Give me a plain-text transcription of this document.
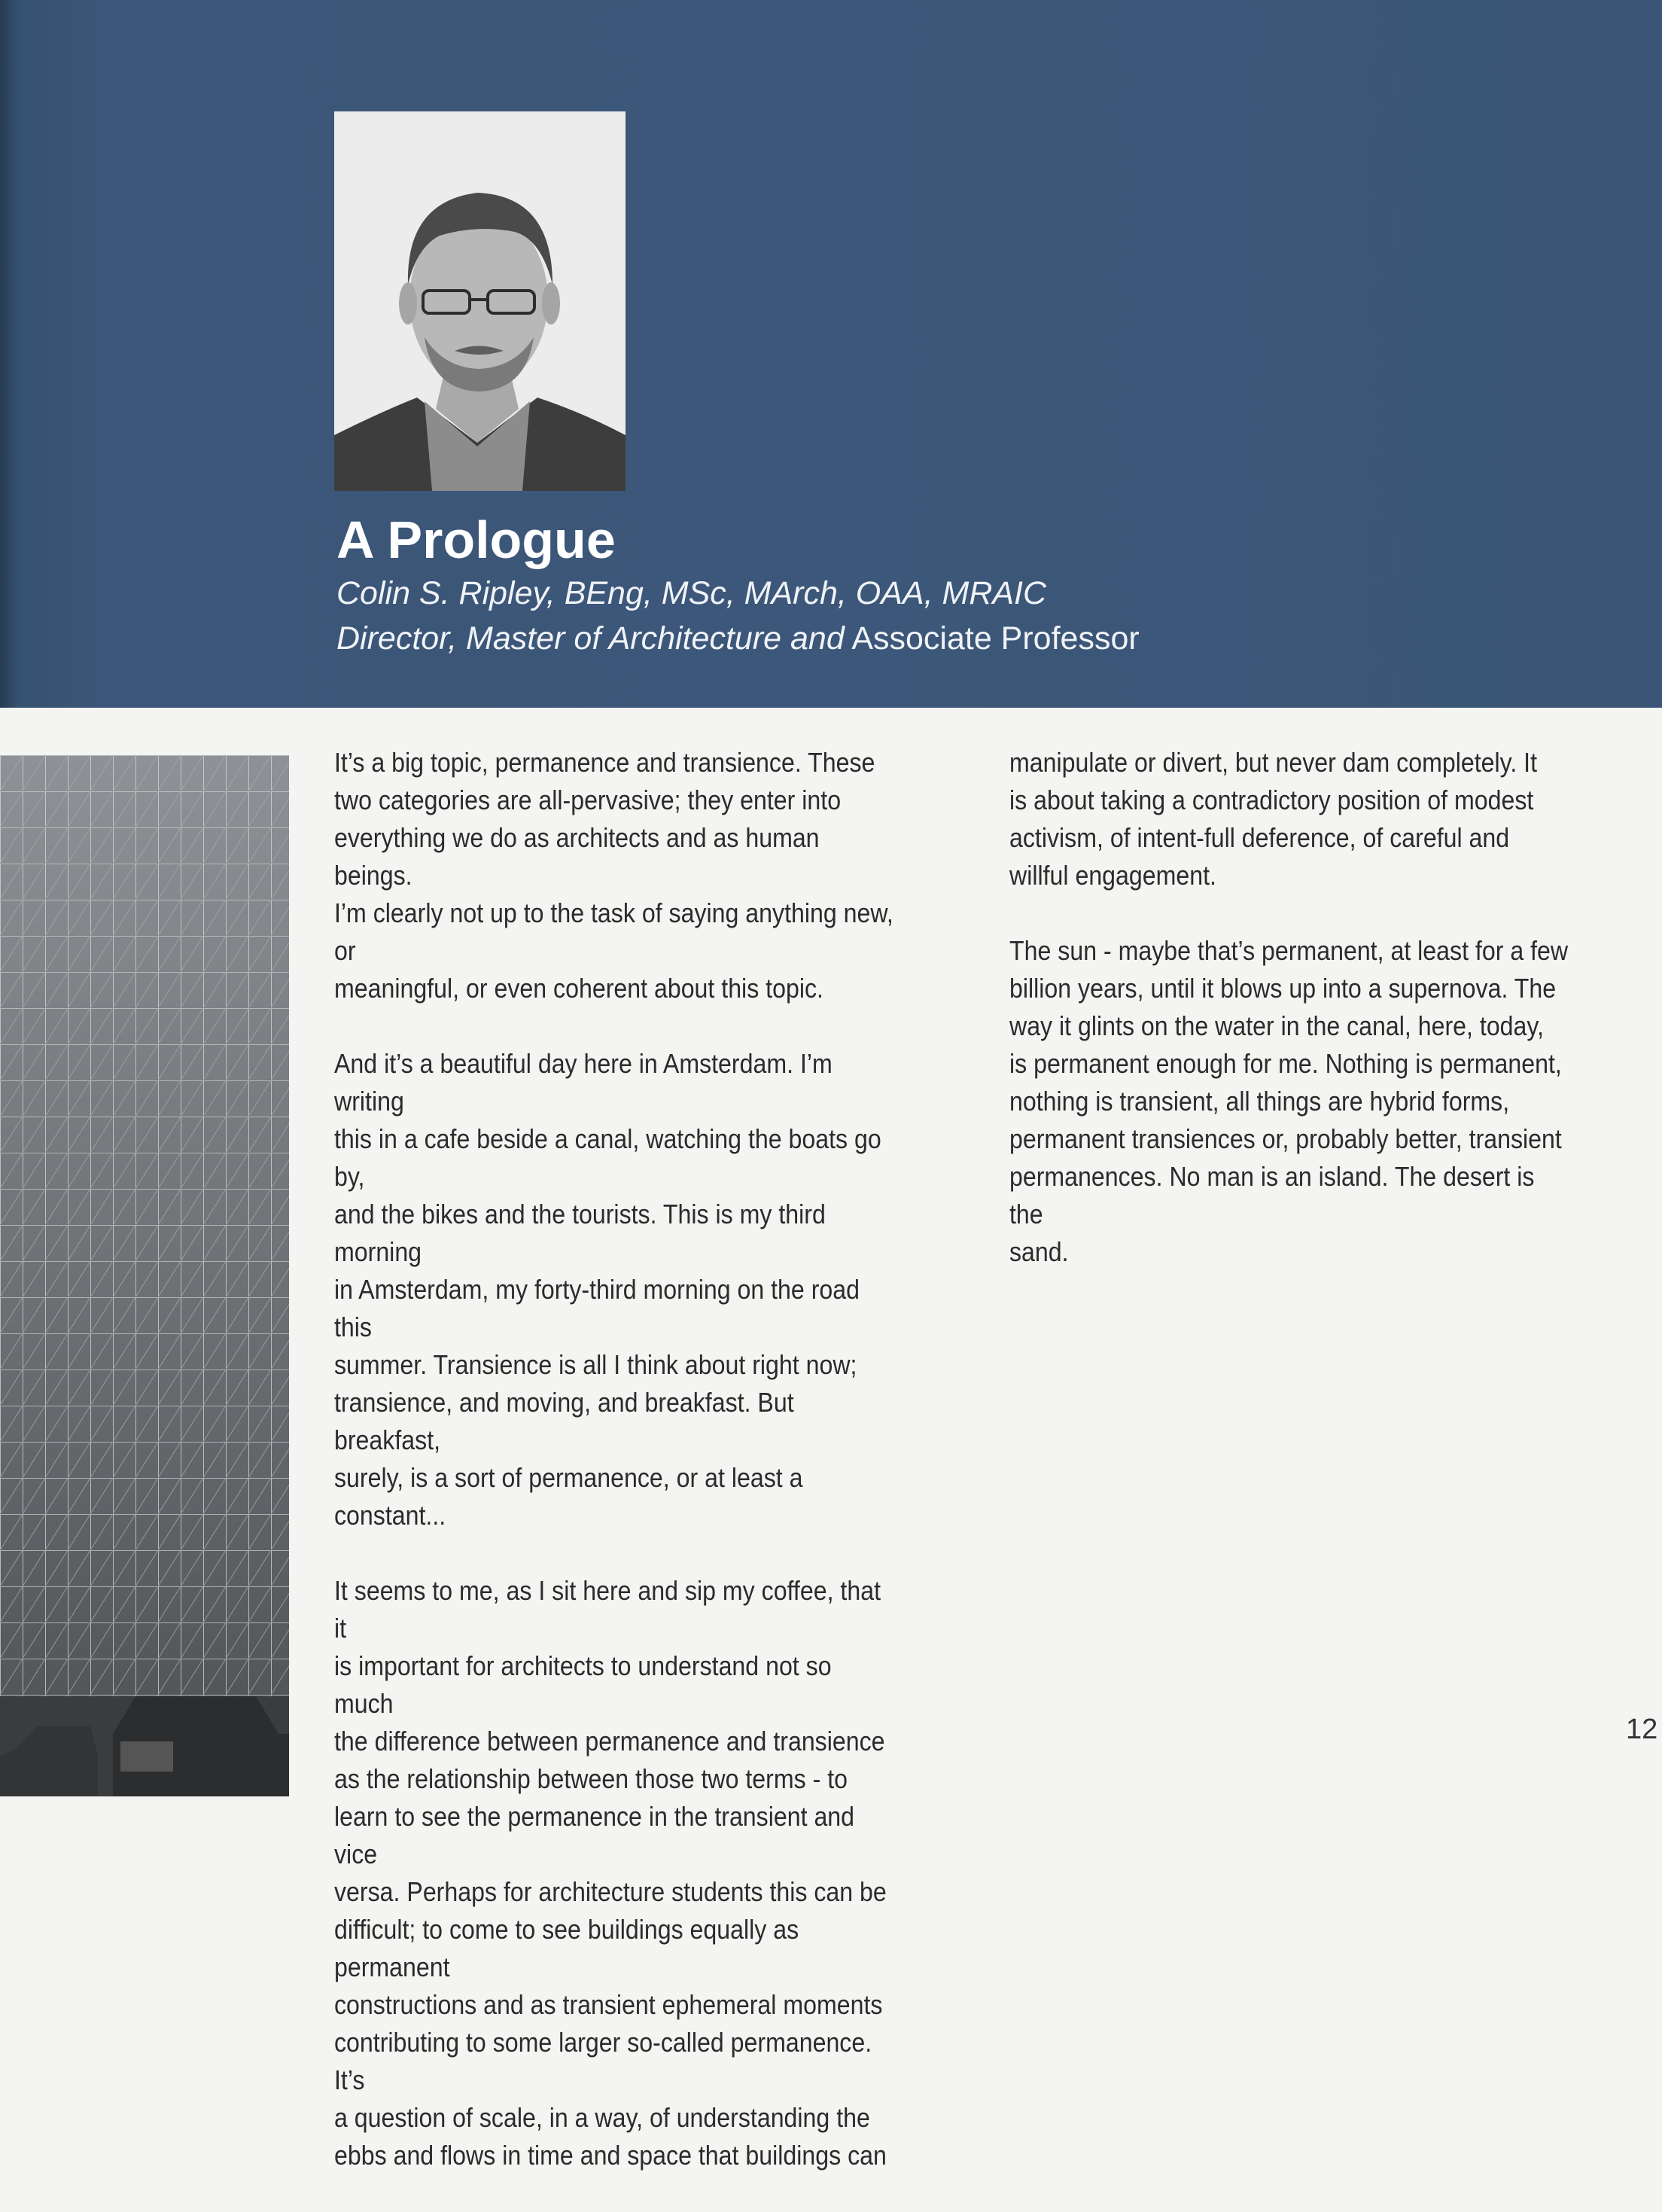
A Prologue
Colin S. Ripley, BEng, MSc, MArch, OAA, MRAIC
Director, Master of Architecture and Associate Professor

It’s a big topic, permanence and transience. These
two categories are all-pervasive; they enter into
everything we do as architects and as human beings.
I’m clearly not up to the task of saying anything new, or
meaningful, or even coherent about this topic.

And it’s a beautiful day here in Amsterdam. I’m writing
this in a cafe beside a canal, watching the boats go by,
and the bikes and the tourists. This is my third morning
in Amsterdam, my forty-third morning on the road this
summer. Transience is all I think about right now;
transience, and moving, and breakfast. But breakfast,
surely, is a sort of permanence, or at least a constant...

It seems to me, as I sit here and sip my coffee, that it
is important for architects to understand not so much
the difference between permanence and transience
as the relationship between those two terms - to
learn to see the permanence in the transient and vice
versa. Perhaps for architecture students this can be
difficult; to come to see buildings equally as permanent
constructions and as transient ephemeral moments
contributing to some larger so-called permanence. It’s
a question of scale, in a way, of understanding the
ebbs and flows in time and space that buildings can

manipulate or divert, but never dam completely. It
is about taking a contradictory position of modest
activism, of intent-full deference, of careful and
willful engagement.

The sun - maybe that’s permanent, at least for a few
billion years, until it blows up into a supernova. The
way it glints on the water in the canal, here, today,
is permanent enough for me. Nothing is permanent,
nothing is transient, all things are hybrid forms,
permanent transiences or, probably better, transient
permanences. No man is an island. The desert is the
sand.

12
